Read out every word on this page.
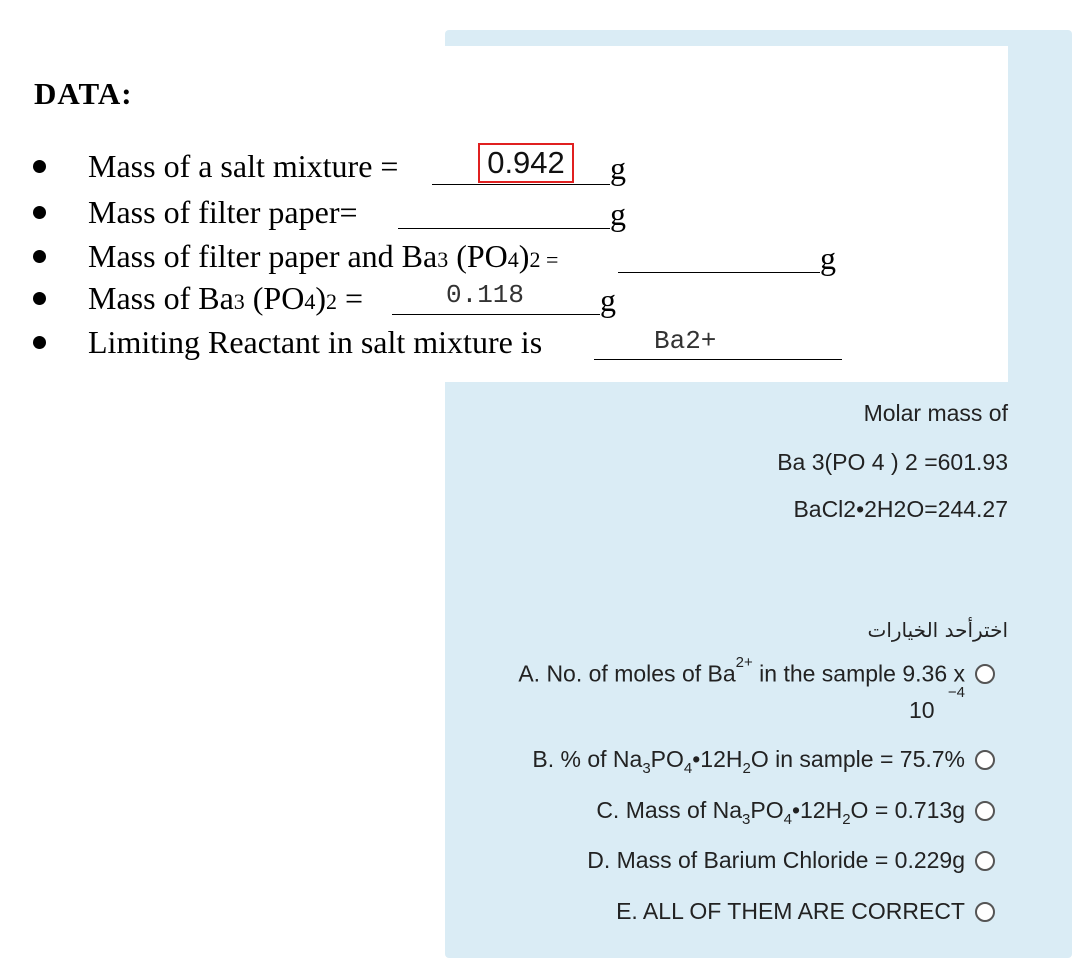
DATA:
Mass of a salt mixture =	0.942 g
Mass of filter paper=	g
Mass of filter paper and Ba3 (PO4)2 =	g
Mass of Ba3 (PO4)2 =	0.118 g
Limiting Reactant in salt mixture is	Ba2+
Molar mass of
Ba 3(PO 4 ) 2 =601.93
BaCl2•2H2O=244.27
اخترأحد الخيارات
A. No. of moles of $Ba^{2+}$ in the sample 9.36 x
−4
10
B. % of $Na_3PO_4•12H_2O$ in sample = 75.7%
C. Mass of $Na_3PO_4•12H_2O = 0.713g$
D. Mass of Barium Chloride = 0.229g
E. ALL OF THEM ARE CORRECT
